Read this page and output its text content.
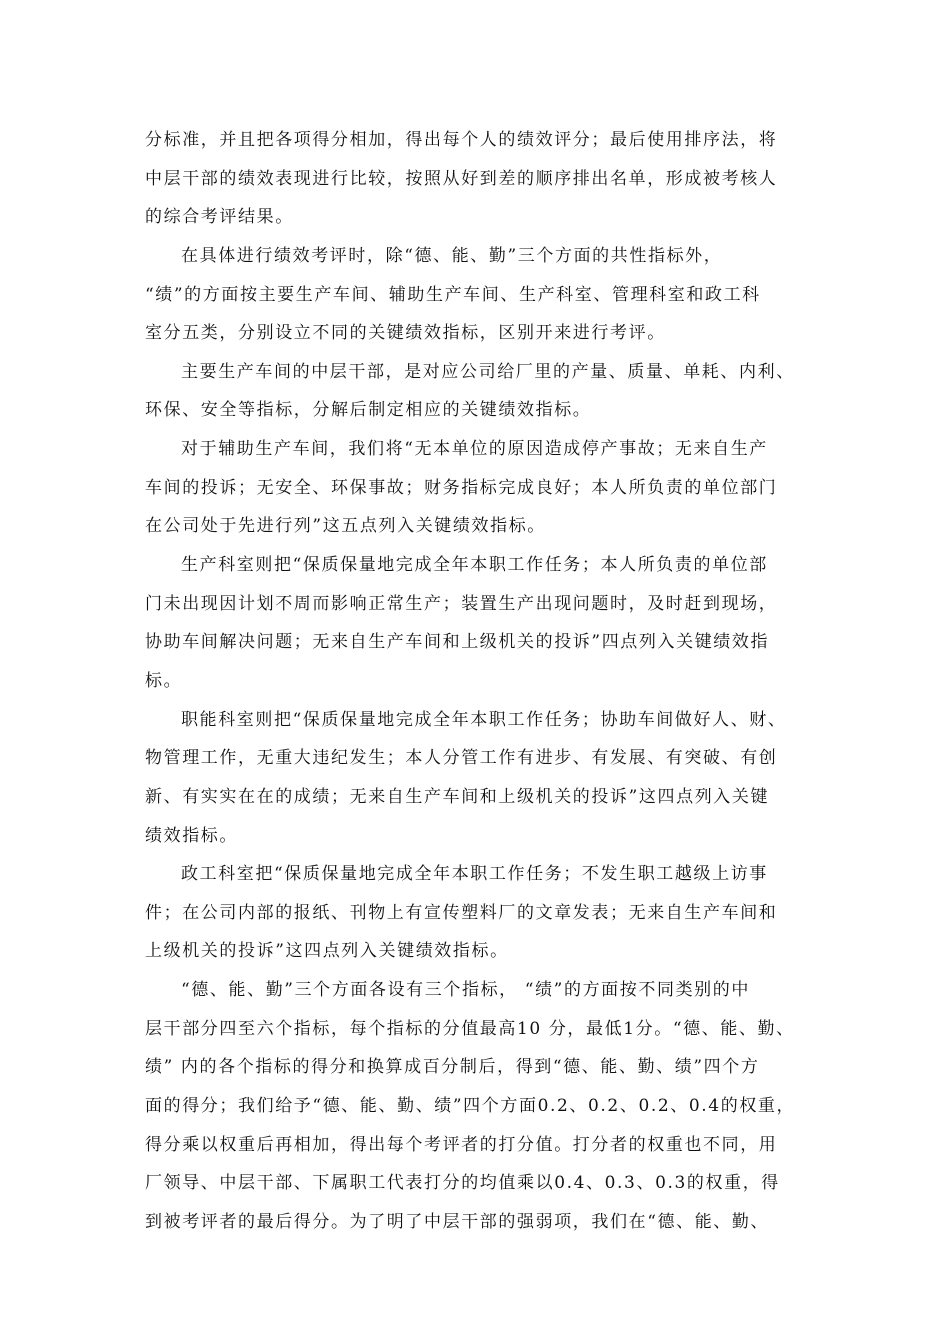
分标准，并且把各项得分相加，得出每个人的绩效评分；最后使用排序法，将
中层干部的绩效表现进行比较，按照从好到差的顺序排出名单，形成被考核人
的综合考评结果。
在具体进行绩效考评时，除“德、能、勤”三个方面的共性指标外，
“绩”的方面按主要生产车间、辅助生产车间、生产科室、管理科室和政工科
室分五类，分别设立不同的关键绩效指标，区别开来进行考评。
主要生产车间的中层干部，是对应公司给厂里的产量、质量、单耗、内利、
环保、安全等指标，分解后制定相应的关键绩效指标。
对于辅助生产车间，我们将“无本单位的原因造成停产事故；无来自生产
车间的投诉；无安全、环保事故；财务指标完成良好；本人所负责的单位部门
在公司处于先进行列”这五点列入关键绩效指标。
生产科室则把“保质保量地完成全年本职工作任务；本人所负责的单位部
门未出现因计划不周而影响正常生产；装置生产出现问题时，及时赶到现场，
协助车间解决问题；无来自生产车间和上级机关的投诉”四点列入关键绩效指
标。
职能科室则把“保质保量地完成全年本职工作任务；协助车间做好人、财、
物管理工作，无重大违纪发生；本人分管工作有进步、有发展、有突破、有创
新、有实实在在的成绩；无来自生产车间和上级机关的投诉”这四点列入关键
绩效指标。
政工科室把“保质保量地完成全年本职工作任务；不发生职工越级上访事
件；在公司内部的报纸、刊物上有宣传塑料厂的文章发表；无来自生产车间和
上级机关的投诉”这四点列入关键绩效指标。
“德、能、勤”三个方面各设有三个指标， “绩”的方面按不同类别的中
层干部分四至六个指标，每个指标的分值最高10 分，最低1分。“德、能、勤、
绩” 内的各个指标的得分和换算成百分制后，得到“德、能、勤、绩”四个方
面的得分；我们给予“德、能、勤、绩”四个方面0.2、0.2、0.2、0.4的权重，
得分乘以权重后再相加，得出每个考评者的打分值。打分者的权重也不同，用
厂领导、中层干部、下属职工代表打分的均值乘以0.4、0.3、0.3的权重，得
到被考评者的最后得分。为了明了中层干部的强弱项，我们在“德、能、勤、
